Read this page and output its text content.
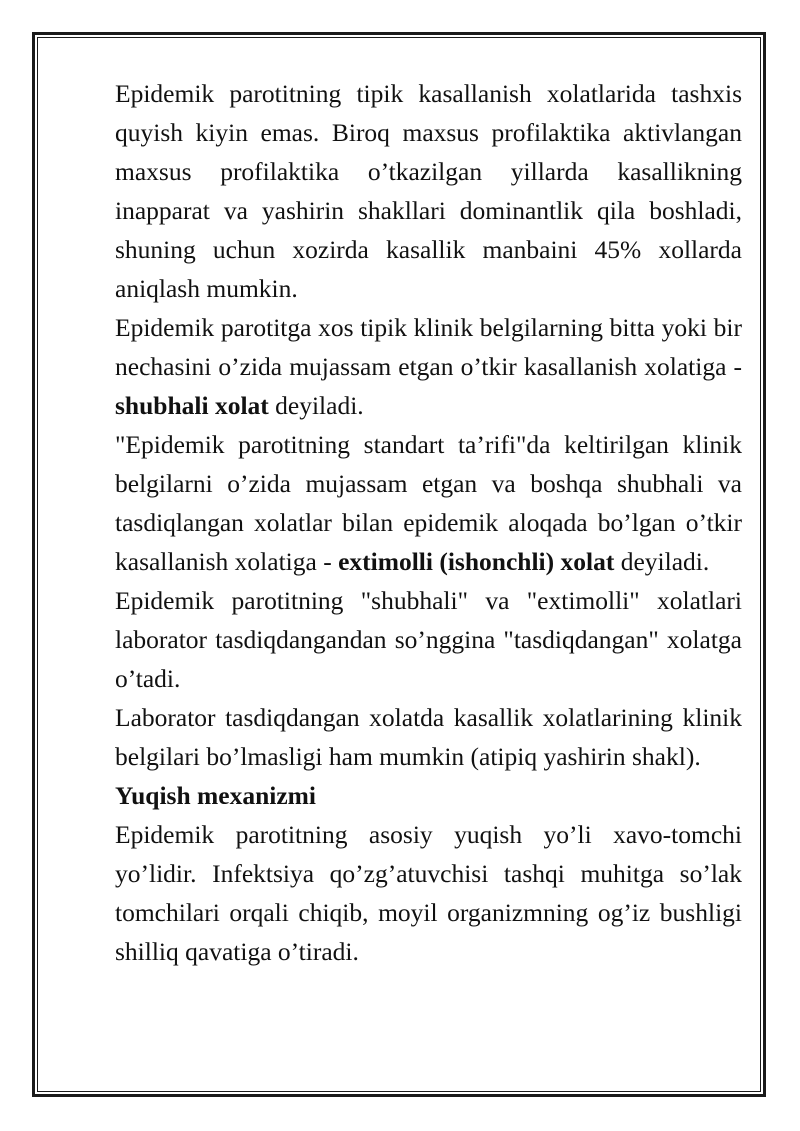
Epidemik parotitning tipik kasallanish xolatlarida tashxis quyish kiyin emas. Biroq maxsus profilaktika aktivlangan maxsus profilaktika o’tkazilgan yillarda kasallikning inapparat va yashirin shakllari dominantlik qila boshladi, shuning uchun xozirda kasallik manbaini 45% xollarda aniqlash mumkin.

Epidemik parotitga xos tipik klinik belgilarning bitta yoki bir nechasini o’zida mujassam etgan o’tkir kasallanish xolatiga - shubhali xolat deyiladi.

"Epidemik parotitning standart ta’rifi"da keltirilgan klinik belgilarni o’zida mujassam etgan va boshqa shubhali va tasdiqlangan xolatlar bilan epidemik aloqada bo’lgan o’tkir kasallanish xolatiga - extimolli (ishonchli) xolat deyiladi.

Epidemik parotitning "shubhali" va "extimolli" xolatlari laborator tasdiqdangandan so’nggina "tasdiqdangan" xolatga o’tadi.

Laborator tasdiqdangan xolatda kasallik xolatlarining klinik belgilari bo’lmasligi ham mumkin (atipiq yashirin shakl).

Yuqish mexanizmi

Epidemik parotitning asosiy yuqish yo’li xavo-tomchi yo’lidir. Infektsiya qo’zg’atuvchisi tashqi muhitga so’lak tomchilari orqali chiqib, moyil organizmning og’iz bushligi shilliq qavatiga o’tiradi.
